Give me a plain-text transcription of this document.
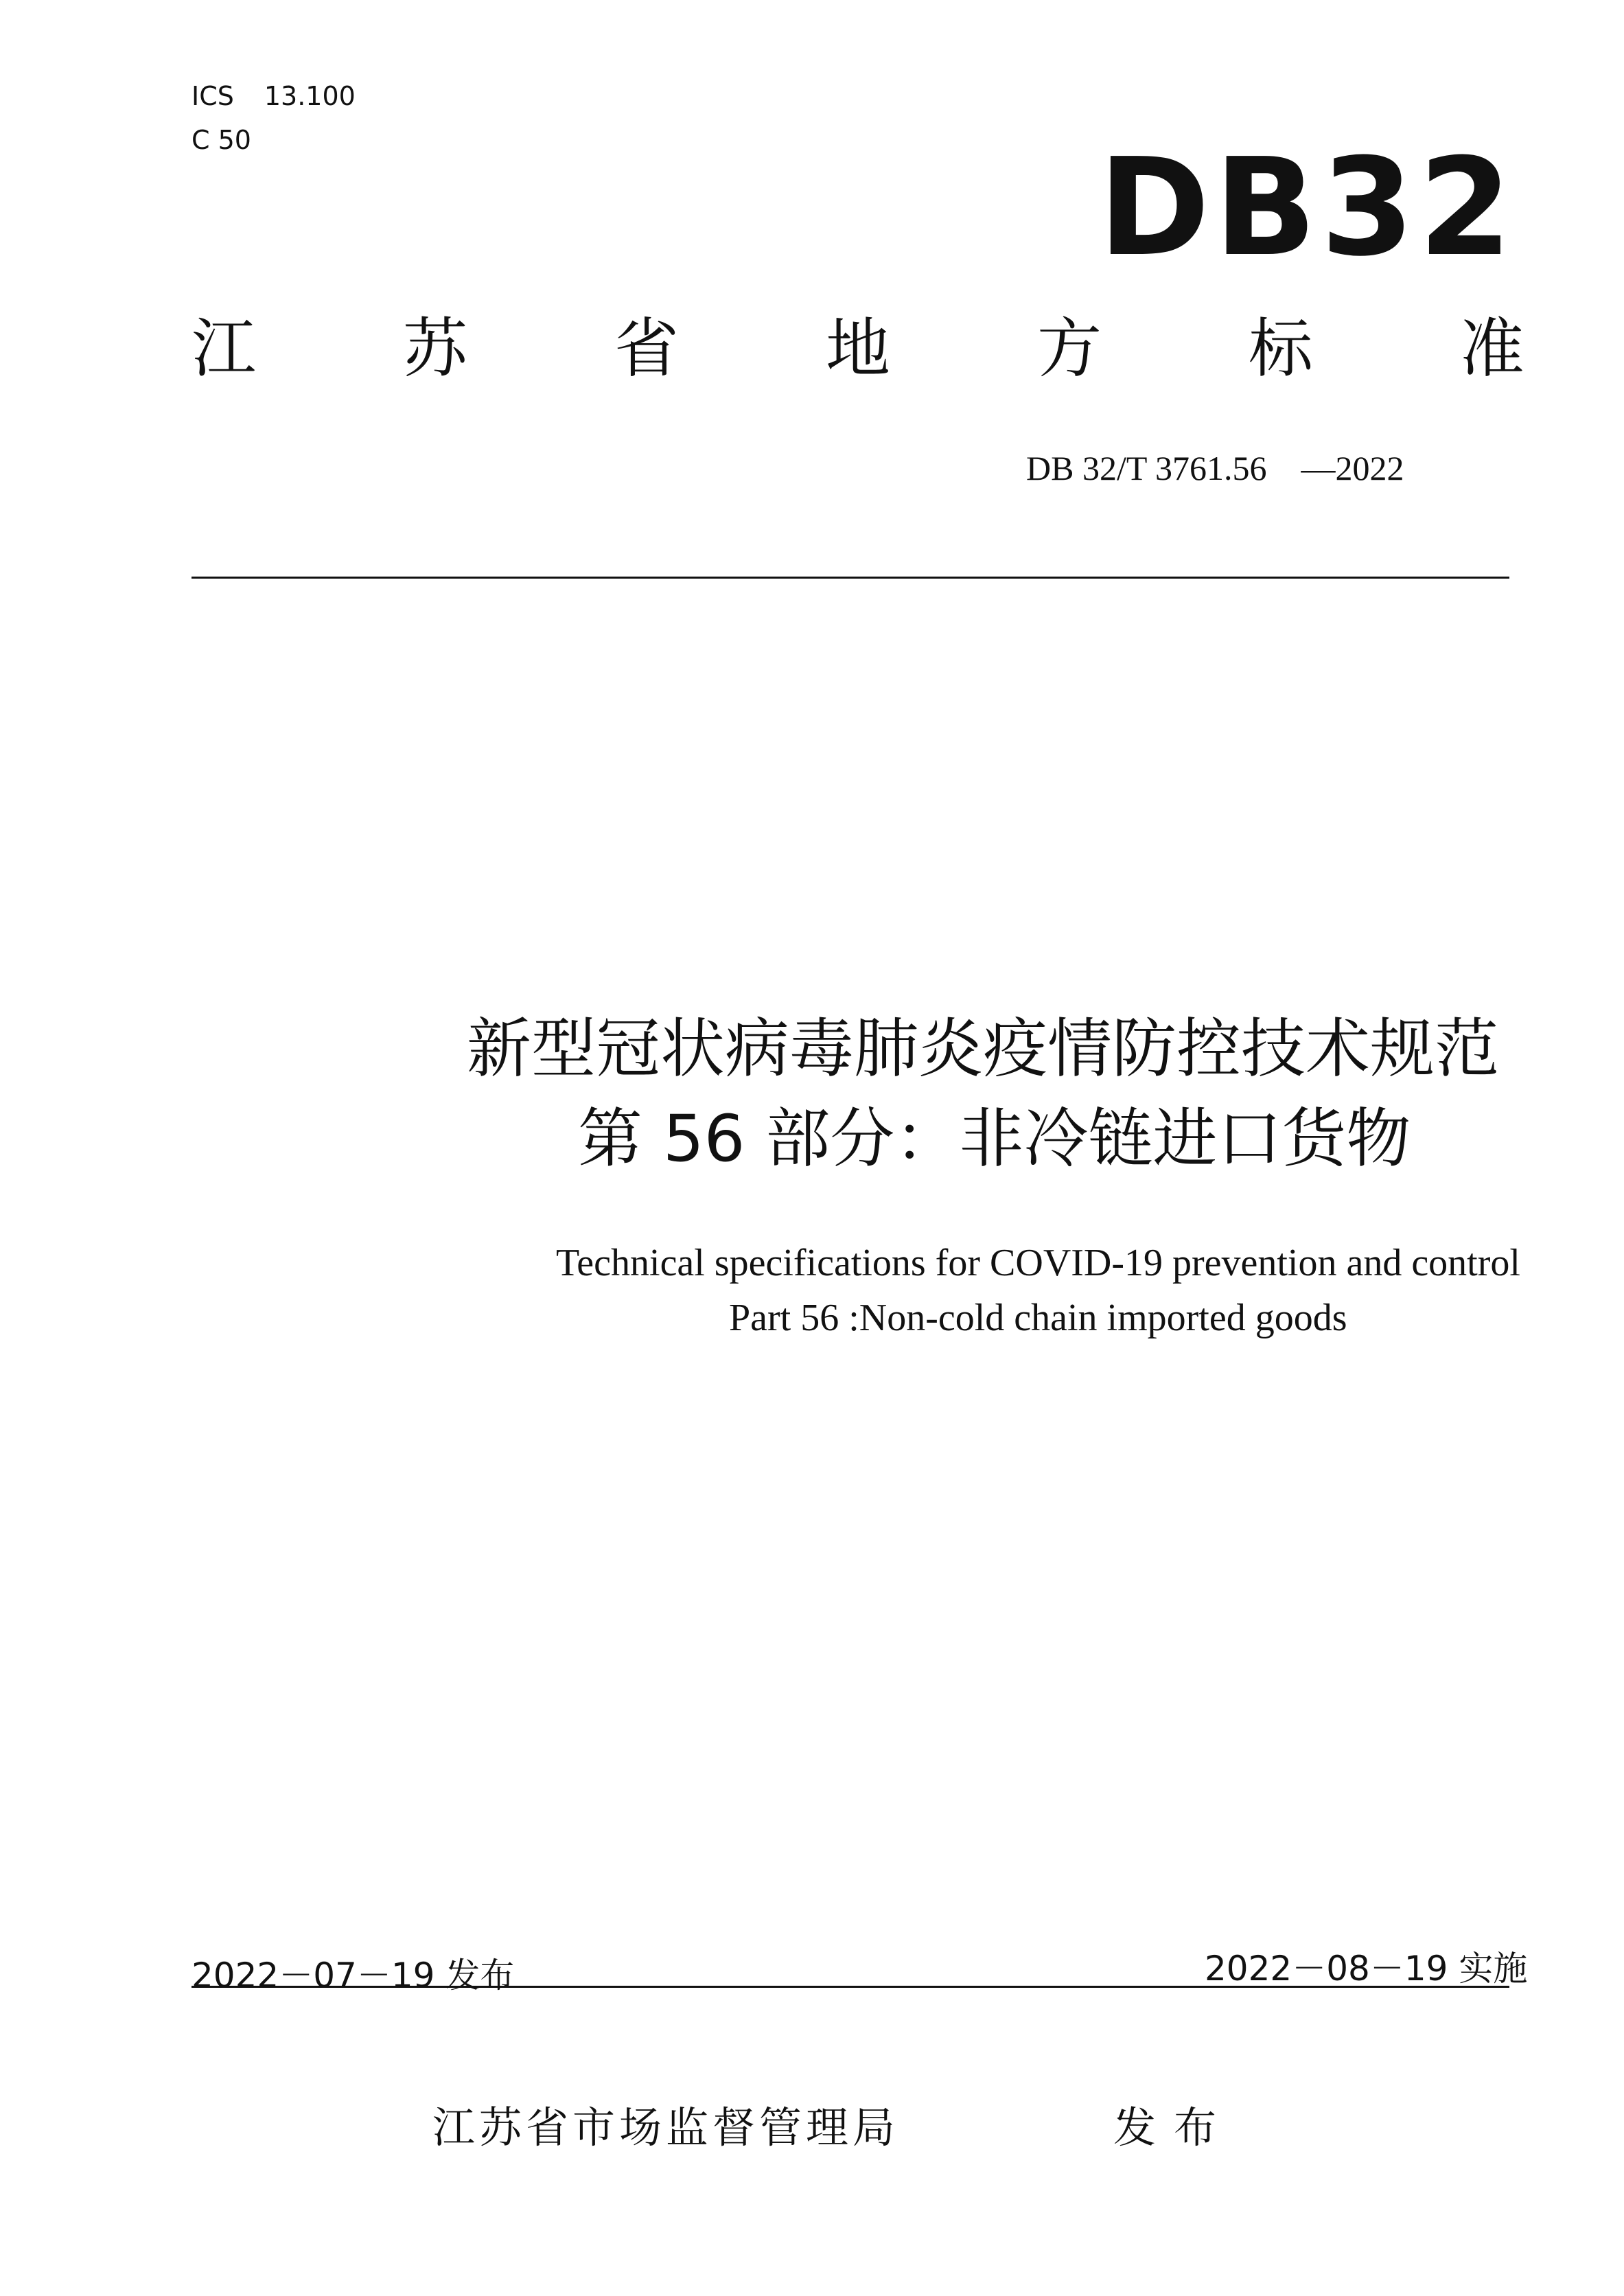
ICS 13.100
C 50	DB32
江 苏 省 地 方 标 准
DB 32/T 3761.56　—2022
新型冠状病毒肺炎疫情防控技术规范
第 56 部分：非冷链进口货物
Technical specifications for COVID-19 prevention and control
Part 56 :Non-cold chain imported goods
2022－07－19 发布	2022－08－19 实施
江苏省市场监督管理局	发布
